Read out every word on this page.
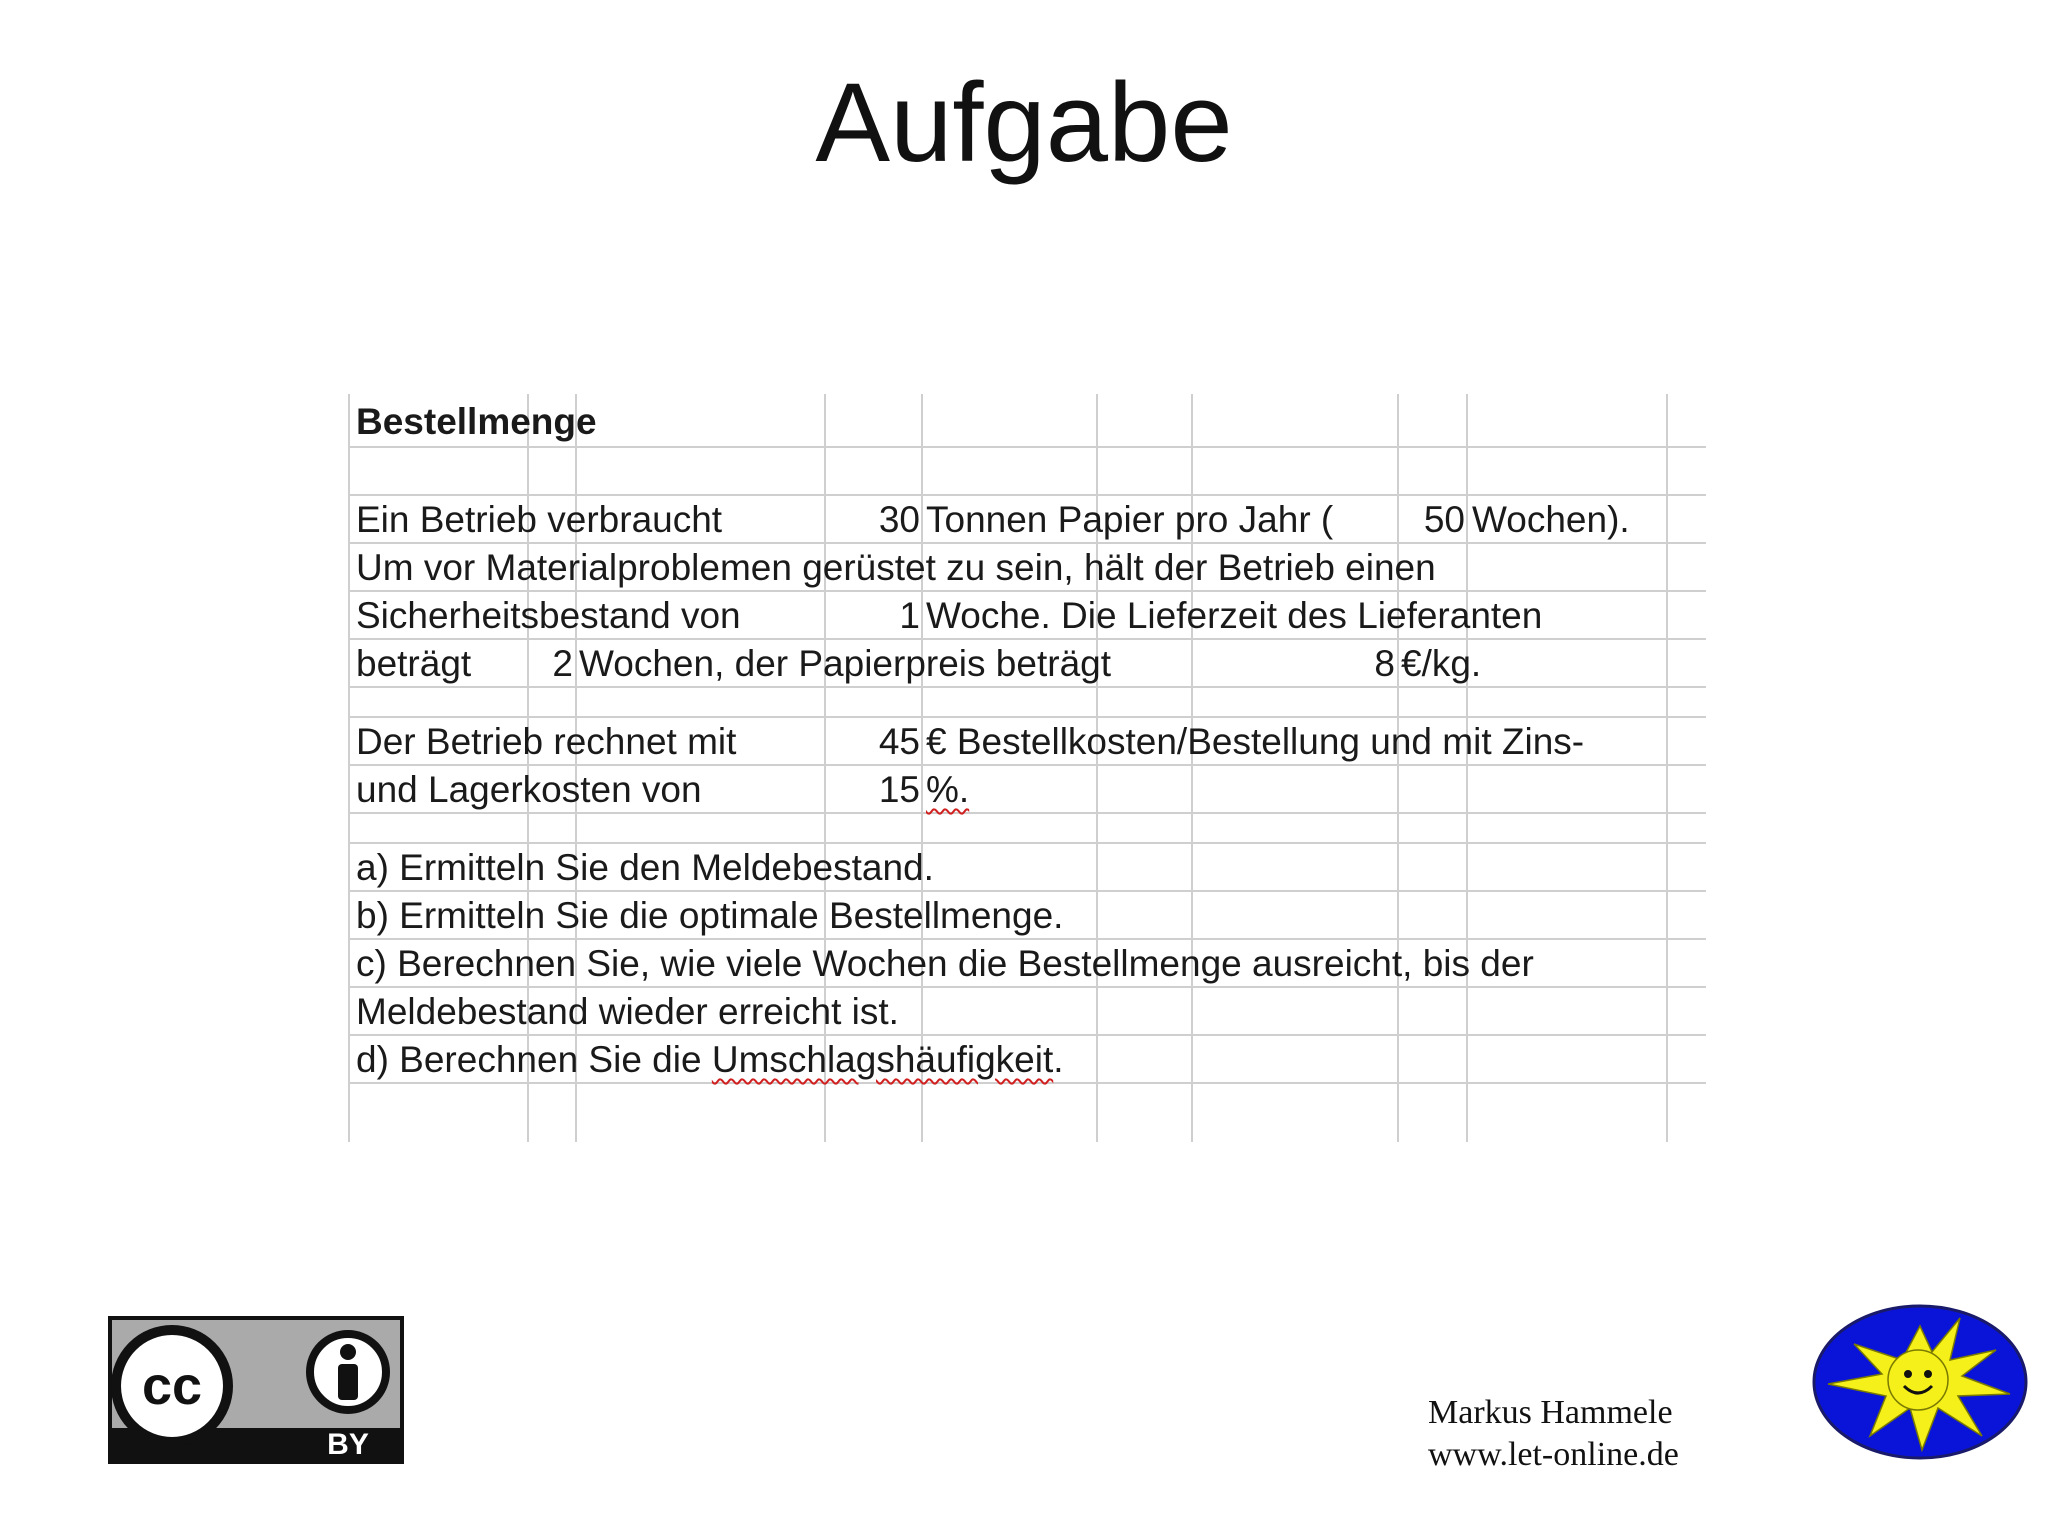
Aufgabe
Bestellmenge
Ein Betrieb verbraucht	30 Tonnen Papier pro Jahr (	50 Wochen).
Um vor Materialproblemen gerüstet zu sein, hält der Betrieb einen
Sicherheitsbestand von	1 Woche. Die Lieferzeit des Lieferanten
beträgt	2 Wochen, der Papierpreis beträgt	8 €/kg.
Der Betrieb rechnet mit	45 € Bestellkosten/Bestellung und mit Zins-
und Lagerkosten von	15 %.
a) Ermitteln Sie den Meldebestand.
b) Ermitteln Sie die optimale Bestellmenge.
c) Berechnen Sie, wie viele Wochen die Bestellmenge ausreicht, bis der
Meldebestand wieder erreicht ist.
d) Berechnen Sie die Umschlagshäufigkeit.
cc
BY
Markus Hammele
www.let-online.de
